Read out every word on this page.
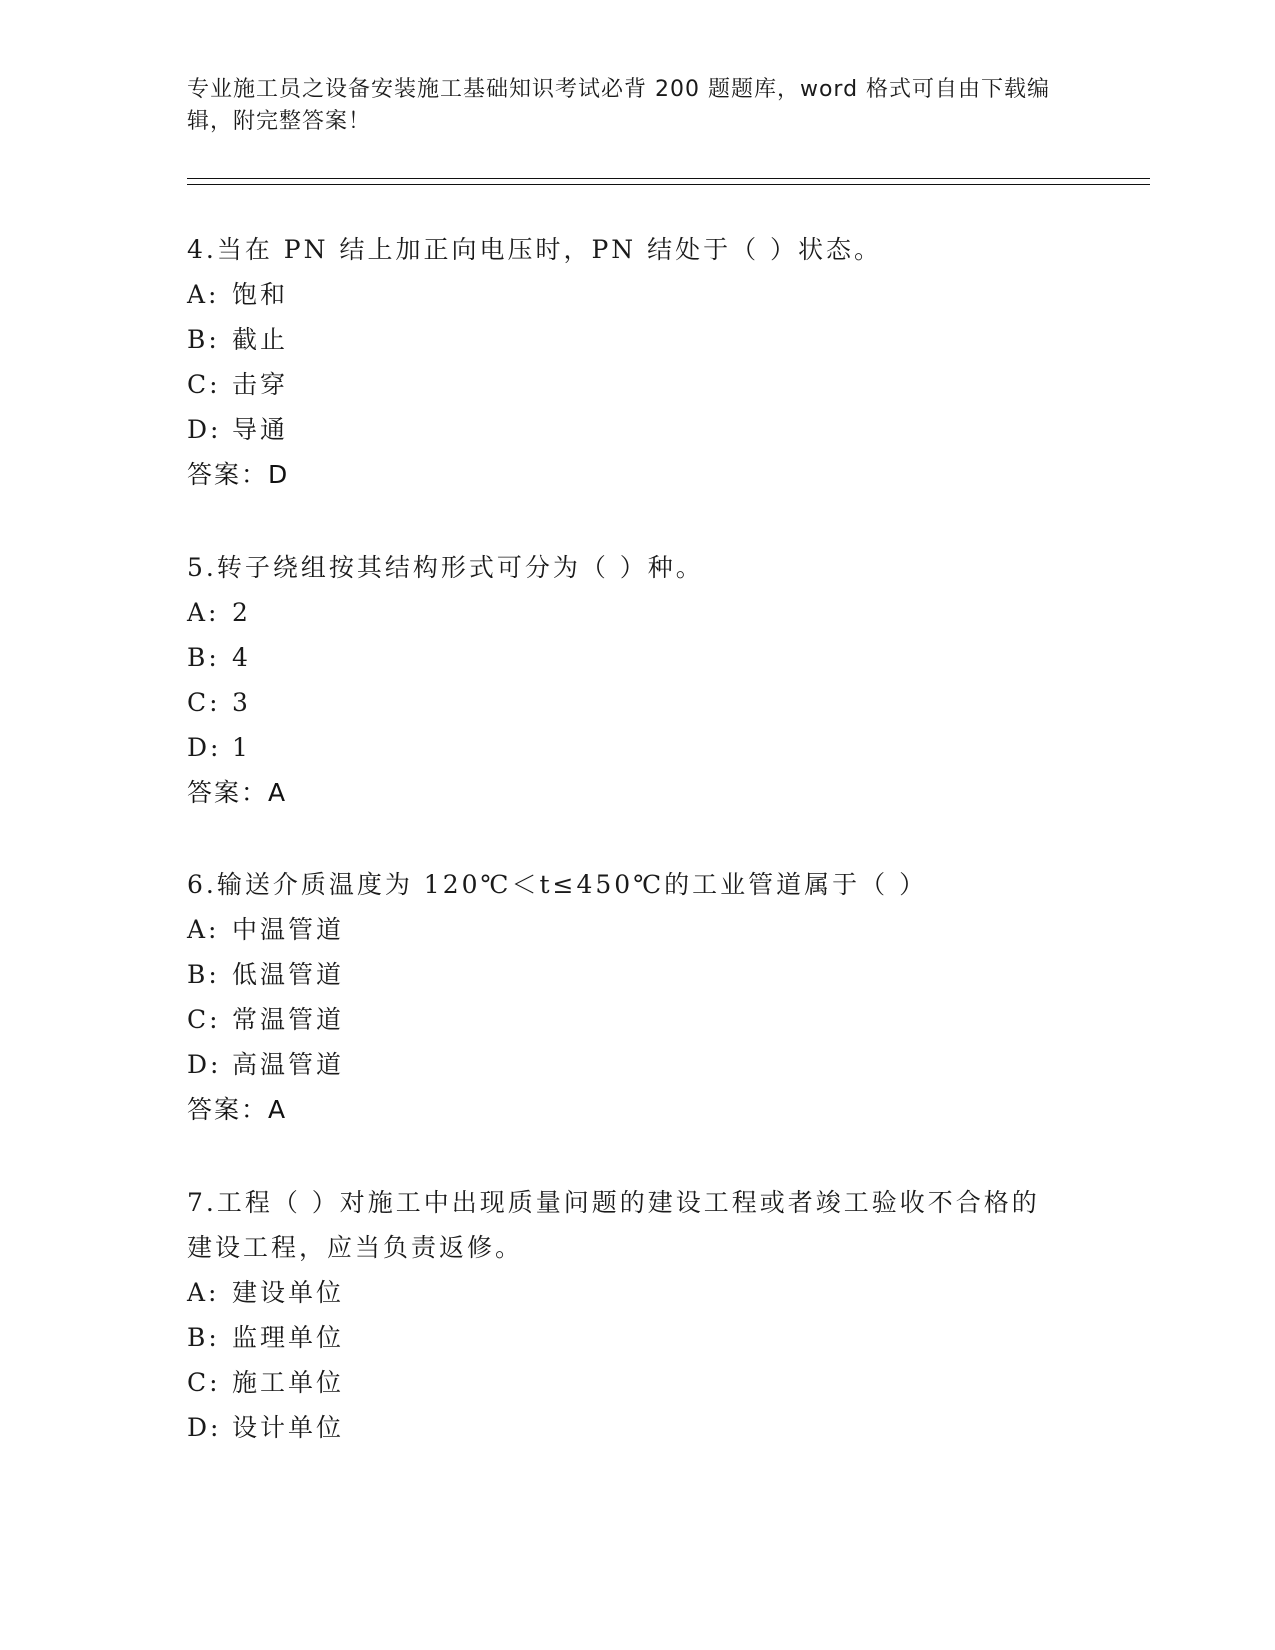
专业施工员之设备安装施工基础知识考试必背 200 题题库，word 格式可自由下载编辑，附完整答案！

4.当在 PN 结上加正向电压时，PN 结处于（ ）状态。

A: 饱和

B: 截止

C: 击穿

D: 导通

答案：D

5.转子绕组按其结构形式可分为（ ）种。

A: 2

B: 4

C: 3

D: 1

答案：A

6.输送介质温度为 120℃＜t≤450℃的工业管道属于（ ）

A: 中温管道

B: 低温管道

C: 常温管道

D: 高温管道

答案：A

7.工程（ ）对施工中出现质量问题的建设工程或者竣工验收不合格的建设工程，应当负责返修。

A: 建设单位

B: 监理单位

C: 施工单位

D: 设计单位
